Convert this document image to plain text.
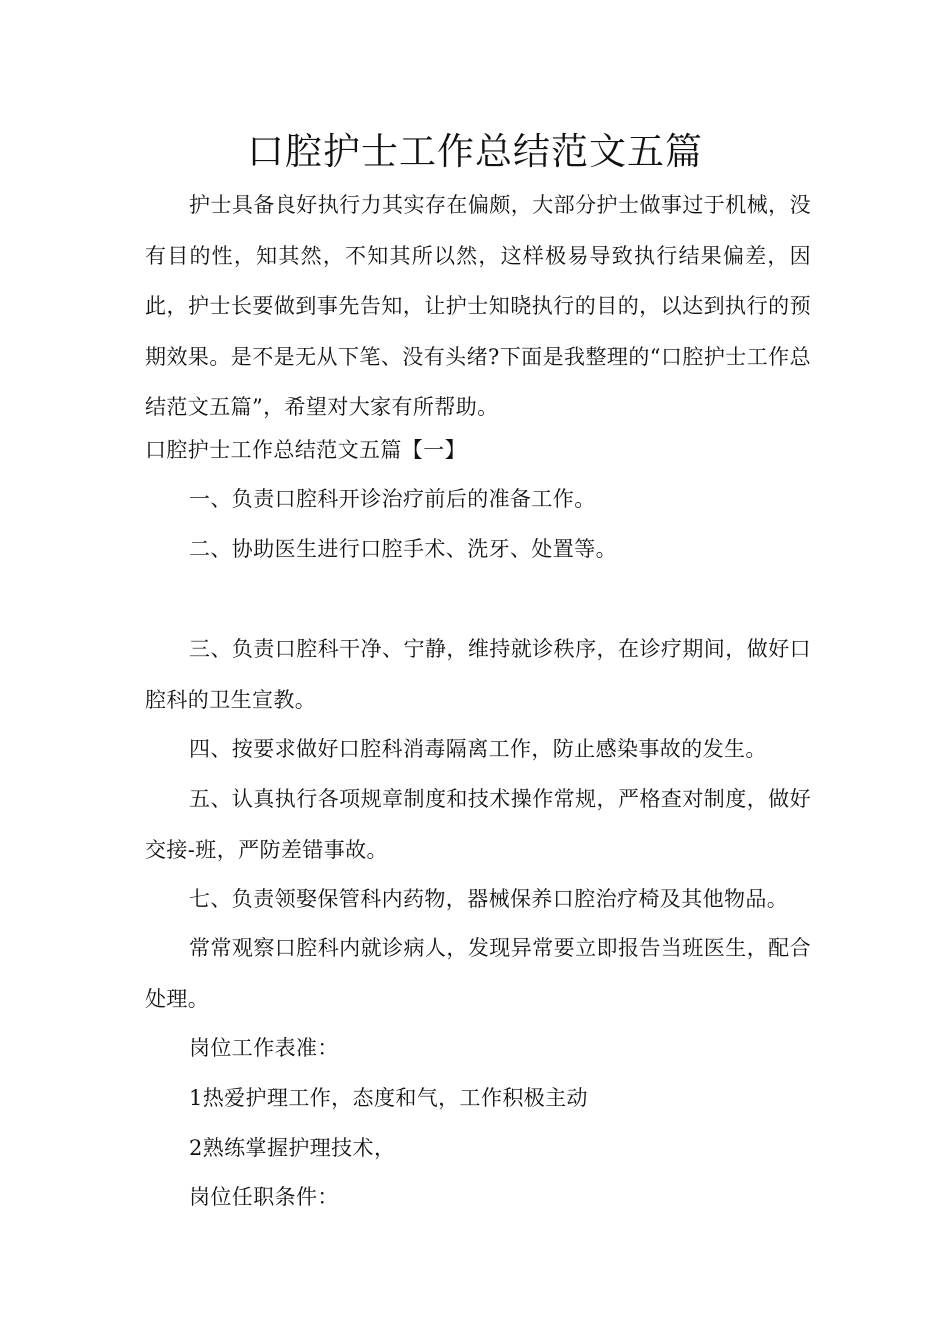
口腔护士工作总结范文五篇

护士具备良好执行力其实存在偏颇，大部分护士做事过于机械，没有目的性，知其然，不知其所以然，这样极易导致执行结果偏差，因此，护士长要做到事先告知，让护士知晓执行的目的，以达到执行的预期效果。是不是无从下笔、没有头绪?下面是我整理的“口腔护士工作总结范文五篇”，希望对大家有所帮助。

口腔护士工作总结范文五篇【一】

一、负责口腔科开诊治疗前后的准备工作。

二、协助医生进行口腔手术、洗牙、处置等。

三、负责口腔科干净、宁静，维持就诊秩序，在诊疗期间，做好口腔科的卫生宣教。

四、按要求做好口腔科消毒隔离工作，防止感染事故的发生。

五、认真执行各项规章制度和技术操作常规，严格查对制度，做好交接-班，严防差错事故。

七、负责领娶保管科内药物，器械保养口腔治疗椅及其他物品。

常常观察口腔科内就诊病人，发现异常要立即报告当班医生，配合处理。

岗位工作表准：

1热爱护理工作，态度和气，工作积极主动

2熟练掌握护理技术，

岗位任职条件：
